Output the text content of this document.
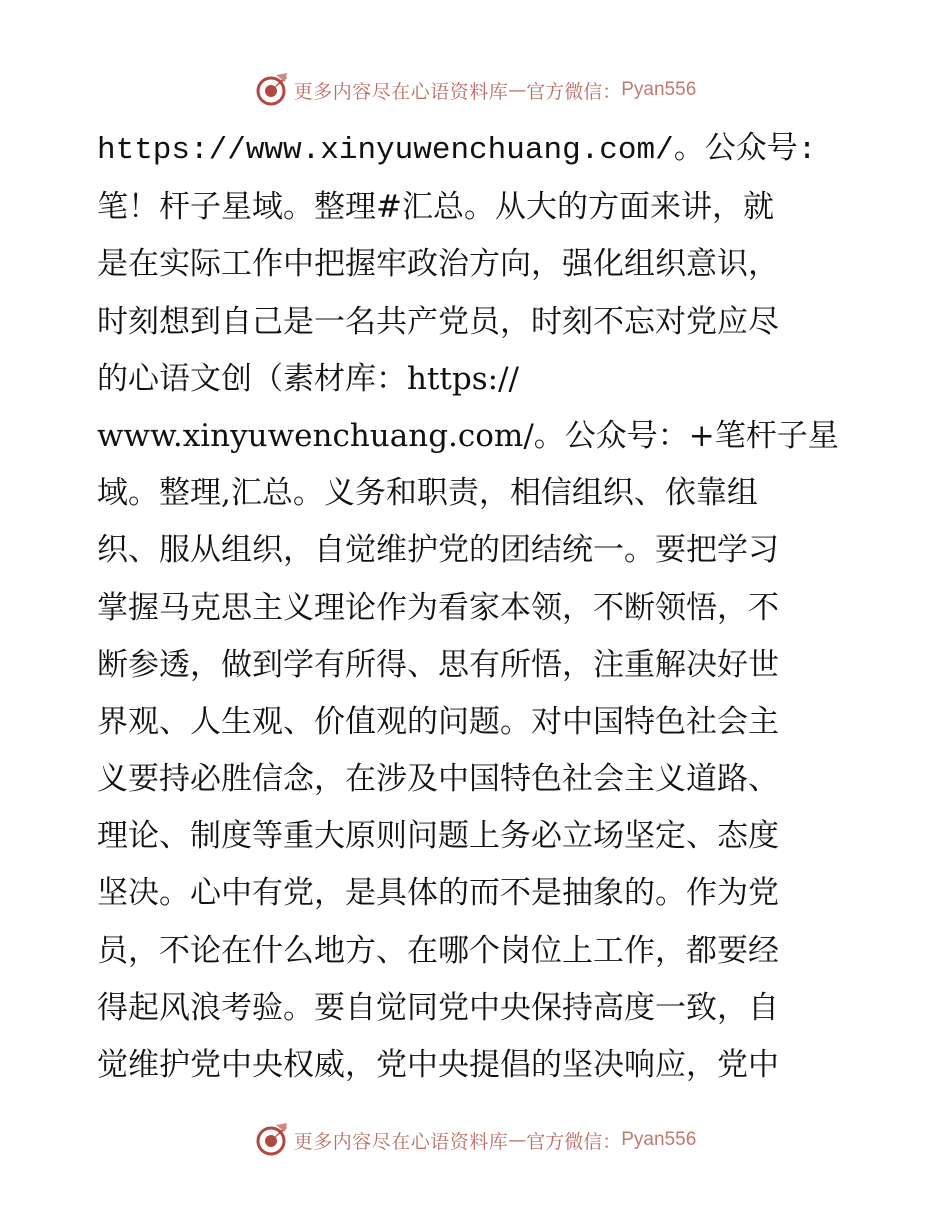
更多内容尽在心语资料库 — 官方微信： Pyan556
https://www.xinyuwenchuang.com/。公众号:
笔！杆子星域。整理#汇总。从大的方面来讲，就
是在实际工作中把握牢政治方向，强化组织意识，
时刻想到自己是一名共产党员，时刻不忘对党应尽
的心语文创（素材库：https://
www.xinyuwenchuang.com/。公众号：+笔杆子星
域。整理,汇总。义务和职责，相信组织、依靠组
织、服从组织，自觉维护党的团结统一。要把学习
掌握马克思主义理论作为看家本领，不断领悟，不
断参透，做到学有所得、思有所悟，注重解决好世
界观、人生观、价值观的问题。对中国特色社会主
义要持必胜信念，在涉及中国特色社会主义道路、
理论、制度等重大原则问题上务必立场坚定、态度
坚决。心中有党，是具体的而不是抽象的。作为党
员，不论在什么地方、在哪个岗位上工作，都要经
得起风浪考验。要自觉同党中央保持高度一致，自
觉维护党中央权威，党中央提倡的坚决响应，党中
更多内容尽在心语资料库 — 官方微信： Pyan556
